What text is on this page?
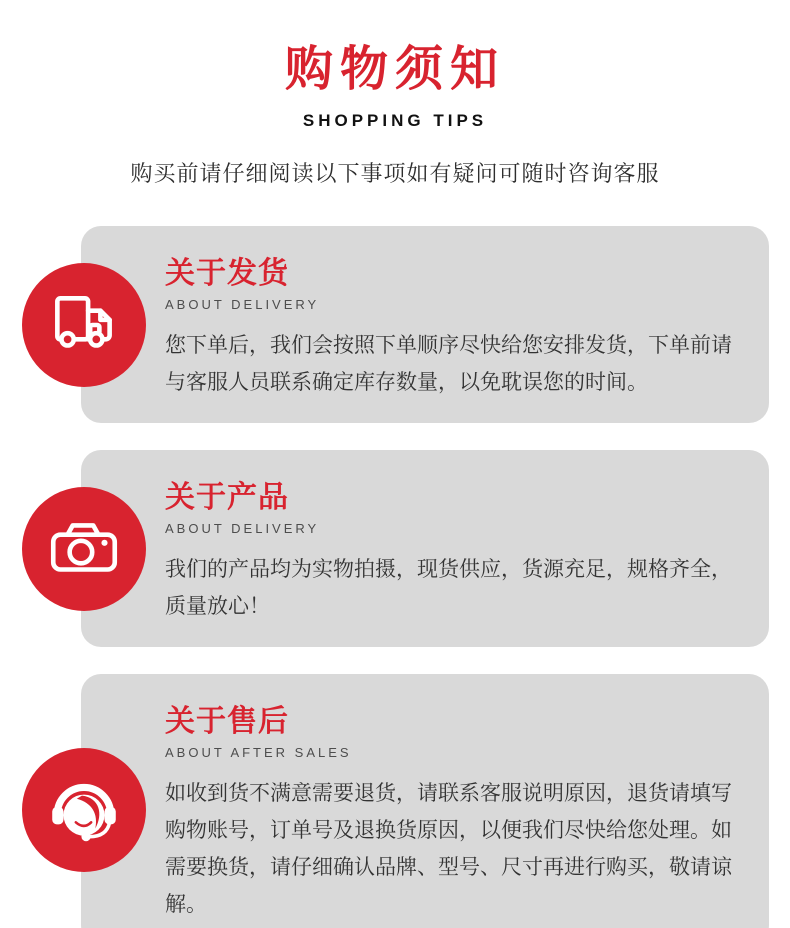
购物须知
SHOPPING TIPS

购买前请仔细阅读以下事项如有疑问可随时咨询客服

关于发货
ABOUT DELIVERY

您下单后，我们会按照下单顺序尽快给您安排发货，下单前请与客服人员联系确定库存数量，以免耽误您的时间。

关于产品
ABOUT DELIVERY

我们的产品均为实物拍摄，现货供应，货源充足，规格齐全，质量放心！

关于售后
ABOUT AFTER SALES

如收到货不满意需要退货，请联系客服说明原因，退货请填写购物账号，订单号及退换货原因，以便我们尽快给您处理。如需要换货，请仔细确认品牌、型号、尺寸再进行购买，敬请谅解。
